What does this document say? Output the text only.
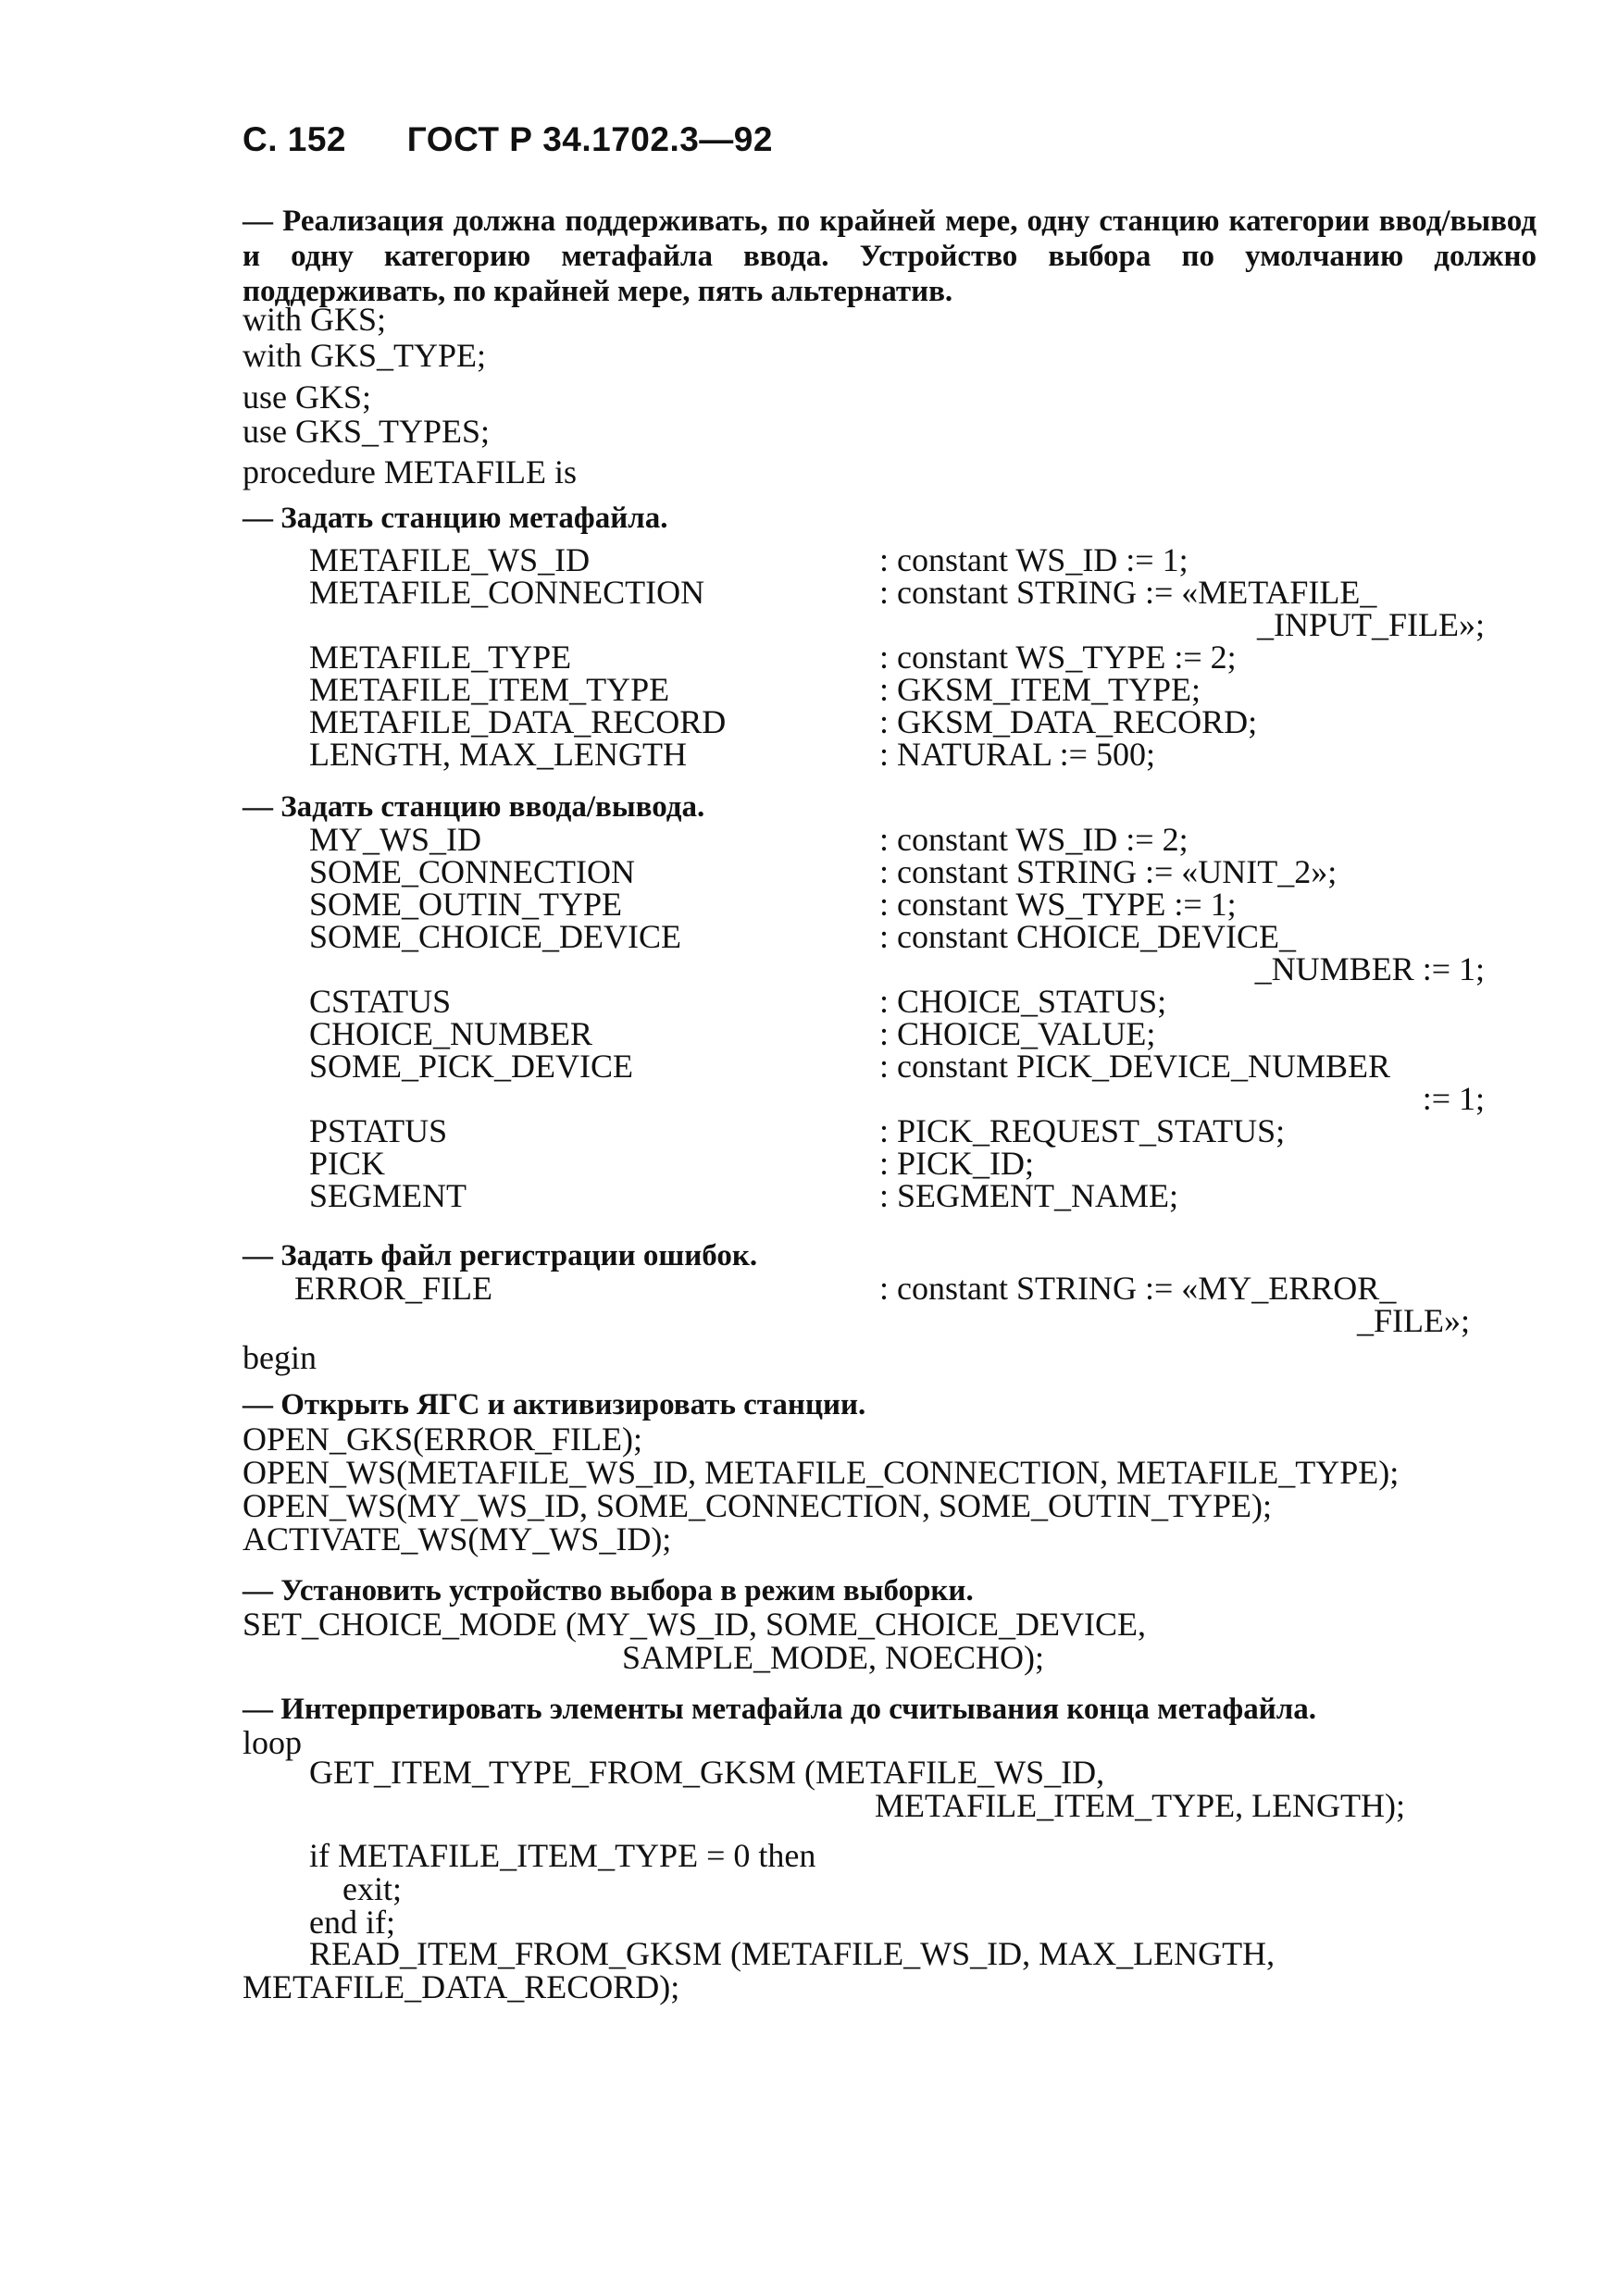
С. 152 ГОСТ Р 34.1702.3—92
— Реализация должна поддерживать, по крайней мере, одну станцию категории ввод/вывод и одну категорию метафайла ввода. Устройство выбора по умолчанию должно поддерживать, по крайней мере, пять альтернатив.
with GKS;
with GKS_TYPE;
use GKS;
use GKS_TYPES;
procedure METAFILE is
— Задать станцию метафайла.
METAFILE_WS_ID	: constant WS_ID := 1;
METAFILE_CONNECTION	: constant STRING := «METAFILE_
_INPUT_FILE»;
METAFILE_TYPE	: constant WS_TYPE := 2;
METAFILE_ITEM_TYPE	: GKSM_ITEM_TYPE;
METAFILE_DATA_RECORD	: GKSM_DATA_RECORD;
LENGTH, MAX_LENGTH	: NATURAL := 500;
— Задать станцию ввода/вывода.
MY_WS_ID	: constant WS_ID := 2;
SOME_CONNECTION	: constant STRING := «UNIT_2»;
SOME_OUTIN_TYPE	: constant WS_TYPE := 1;
SOME_CHOICE_DEVICE	: constant CHOICE_DEVICE_
_NUMBER := 1;
CSTATUS	: CHOICE_STATUS;
CHOICE_NUMBER	: CHOICE_VALUE;
SOME_PICK_DEVICE	: constant PICK_DEVICE_NUMBER
:= 1;
PSTATUS	: PICK_REQUEST_STATUS;
PICK	: PICK_ID;
SEGMENT	: SEGMENT_NAME;
— Задать файл регистрации ошибок.
ERROR_FILE	: constant STRING := «MY_ERROR_
_FILE»;
begin
— Открыть ЯГС и активизировать станции.
OPEN_GKS(ERROR_FILE);
OPEN_WS(METAFILE_WS_ID, METAFILE_CONNECTION, METAFILE_TYPE);
OPEN_WS(MY_WS_ID, SOME_CONNECTION, SOME_OUTIN_TYPE);
ACTIVATE_WS(MY_WS_ID);
— Установить устройство выбора в режим выборки.
SET_CHOICE_MODE (MY_WS_ID, SOME_CHOICE_DEVICE,
SAMPLE_MODE, NOECHO);
— Интерпретировать элементы метафайла до считывания конца метафайла.
loop
GET_ITEM_TYPE_FROM_GKSM (METAFILE_WS_ID,
METAFILE_ITEM_TYPE, LENGTH);
if METAFILE_ITEM_TYPE = 0 then
exit;
end if;
READ_ITEM_FROM_GKSM (METAFILE_WS_ID, MAX_LENGTH,
METAFILE_DATA_RECORD);
